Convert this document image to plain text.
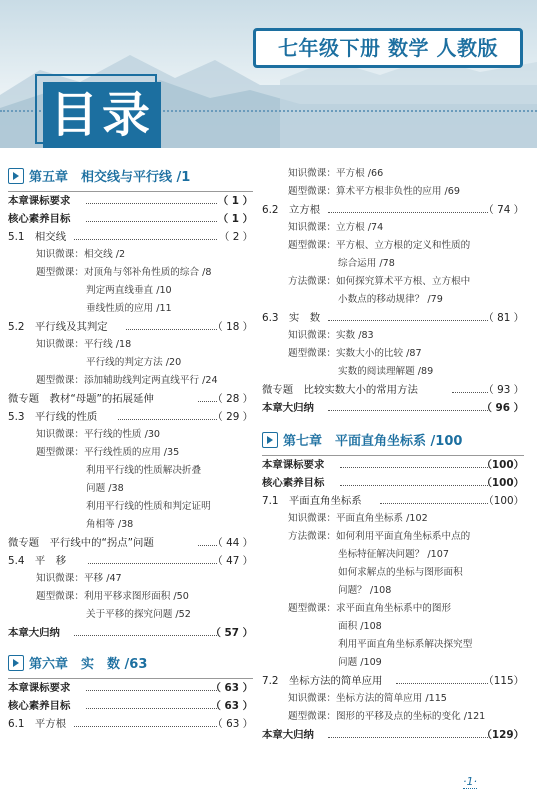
七年级下册 数学 人教版
目录
第五章　相交线与平行线 /1
本章课标要求	（ 1 ）
核心素养目标	（ 1 ）
5.1　相交线	（ 2 ）
知识微课：相交线 /2
题型微课：对顶角与邻补角性质的综合 /8
判定两直线垂直 /10
垂线性质的应用 /11
5.2　平行线及其判定	（ 18 ）
知识微课：平行线 /18
平行线的判定方法 /20
题型微课：添加辅助线判定两直线平行 /24
微专题　教材“母题”的拓展延伸	（ 28 ）
5.3　平行线的性质	（ 29 ）
知识微课：平行线的性质 /30
题型微课：平行线性质的应用 /35
利用平行线的性质解决折叠
问题 /38
利用平行线的性质和判定证明
角相等 /38
微专题　平行线中的“拐点”问题	（ 44 ）
5.4　平　移	（ 47 ）
知识微课：平移 /47
题型微课：利用平移求图形面积 /50
关于平移的探究问题 /52
本章大归纳	（ 57 ）
第六章　实　数 /63
本章课标要求	（ 63 ）
核心素养目标	（ 63 ）
6.1　平方根	（ 63 ）
知识微课：平方根 /66
题型微课：算术平方根非负性的应用 /69
6.2　立方根	（ 74 ）
知识微课：立方根 /74
题型微课：平方根、立方根的定义和性质的
综合运用 /78
方法微课：如何探究算术平方根、立方根中
小数点的移动规律？ /79
6.3　实　数	（ 81 ）
知识微课：实数 /83
题型微课：实数大小的比较 /87
实数的阅读理解题 /89
微专题　比较实数大小的常用方法	（ 93 ）
本章大归纳	（ 96 ）
第七章　平面直角坐标系 /100
本章课标要求	（100）
核心素养目标	（100）
7.1　平面直角坐标系	（100）
知识微课：平面直角坐标系 /102
方法微课：如何利用平面直角坐标系中点的
坐标特征解决问题？ /107
如何求解点的坐标与图形面积
问题？ /108
题型微课：求平面直角坐标系中的图形
面积 /108
利用平面直角坐标系解决探究型
问题 /109
7.2　坐标方法的简单应用	（115）
知识微课：坐标方法的简单应用 /115
题型微课：图形的平移及点的坐标的变化 /121
本章大归纳	（129）
·1·
